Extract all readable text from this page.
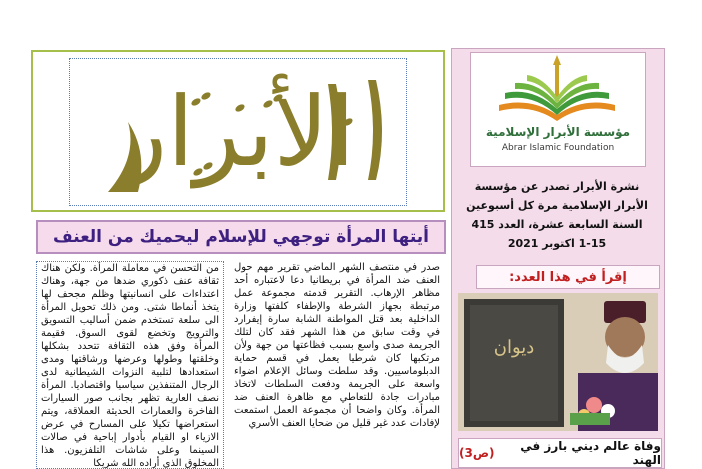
الأبرار
أيتها المرأة توجهي للإسلام ليحميك من العنف
صدر في منتصف الشهر الماضي تقرير مهم حول العنف ضد المرأة في بريطانيا دعا لاعتباره أحد مظاهر الإرهاب. التقرير قدمته مجموعة عمل مرتبطة بجهاز الشرطة والإطفاء كلفتها وزارة الداخلية بعد قتل المواطنة الشابة سارة إيفرارد في وقت سابق من هذا الشهر فقد كان لتلك الجريمة صدى واسع بسبب فظاعتها من جهة ولأن مرتكبها كان شرطيا يعمل في قسم حماية الدبلوماسيين. وقد سلطت وسائل الإعلام اضواء واسعة على الجريمة ودفعت السلطات لاتخاذ مبادرات جادة للتعاطي مع ظاهرة العنف ضد المرأة. وكان واضحا أن مجموعة العمل استمعت لإفادات عدد غير قليل من ضحايا العنف الأسري
من التحسن في معاملة المرأة. ولكن هناك ثقافة عنف ذكوري ضدها من جهة، وهناك اعتداءات على انسانيتها وظلم مجحف لها يتخذ أنماطا شتى. ومن ذلك تحويل المرأة الى سلعة تستخدم ضمن أساليب التسويق والترويج وتخضع لقوى السوق. فقيمة المرأة وفق هذه الثقافة تتحدد بشكلها وخلقتها وطولها وعرضها ورشاقتها ومدى استعدادها لتلبية النزوات الشيطانية لدى الرجال المتنفذين سياسيا واقتصاديا. المرأة نصف العارية تظهر بجانب صور السيارات الفاخرة والعمارات الحديثة العملاقة، ويتم استعراضها تكيلا على المسارح في عرض الازياء او القيام بأدوار إباحية في صالات السينما وعلى شاشات التلفزيون. هذا المخلوق الذي أراده الله شريكا
مؤسسة الأبرار الإسلامية
Abrar Islamic Foundation
نشرة الأبرار تصدر عن مؤسسة
الأبرار الإسلامية مرة كل أسبوعين
السنة السابعة عشرة، العدد 415
1-15 اكتوبر 2021
إقرأ في هذا العدد:
ديوان
وفاة عالم ديني بارز في الهند
(ص3)
